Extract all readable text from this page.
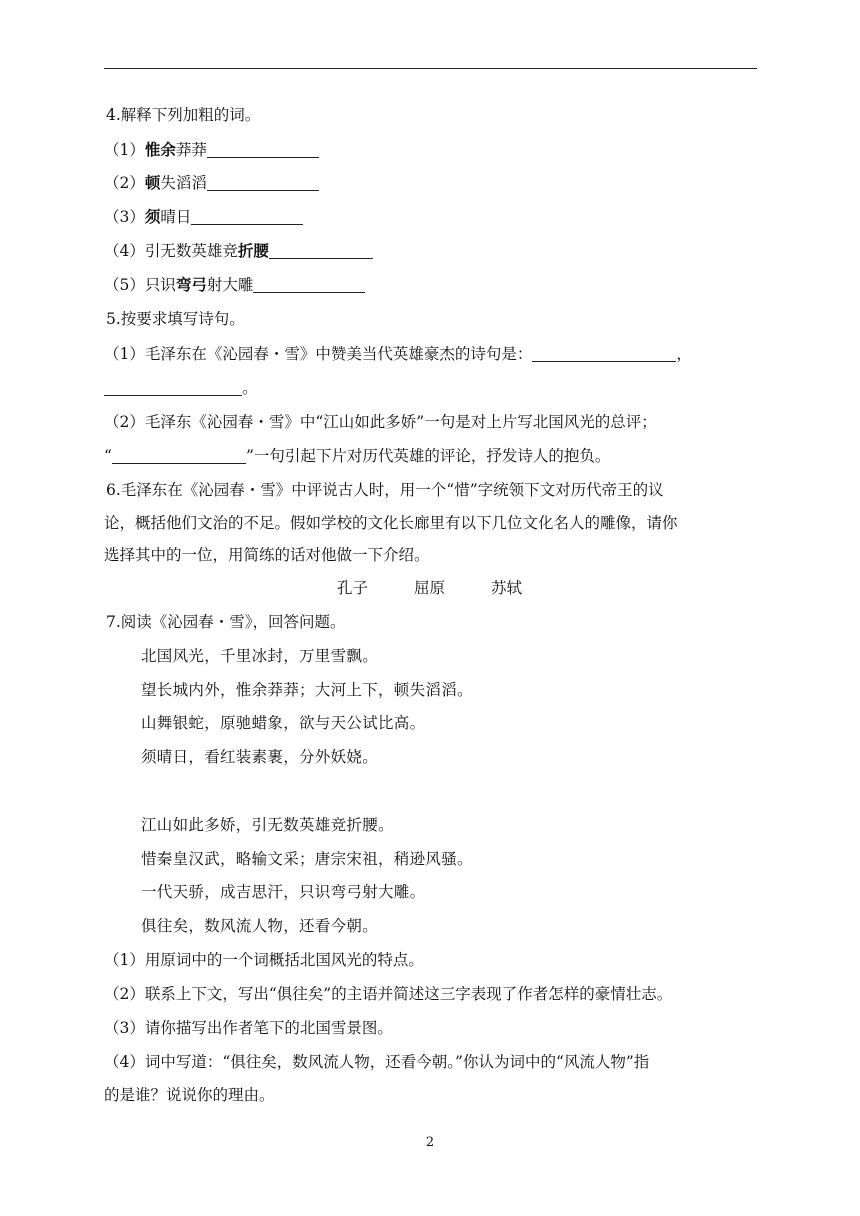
4.解释下列加粗的词。
（1）惟余莽莽
（2）顿失滔滔
（3）须晴日
（4）引无数英雄竞折腰
（5）只识弯弓射大雕
5.按要求填写诗句。
（1）毛泽东在《沁园春・雪》中赞美当代英雄豪杰的诗句是：	，
。
（2）毛泽东《沁园春・雪》中“江山如此多娇”一句是对上片写北国风光的总评；
“	”一句引起下片对历代英雄的评论，抒发诗人的抱负。
6.毛泽东在《沁园春・雪》中评说古人时，用一个“惜”字统领下文对历代帝王的议
论，概括他们文治的不足。假如学校的文化长廊里有以下几位文化名人的雕像，请你
选择其中的一位，用简练的话对他做一下介绍。
孔子	屈原	苏轼
7.阅读《沁园春・雪》，回答问题。
北国风光，千里冰封，万里雪飘。
望长城内外，惟余莽莽；大河上下，顿失滔滔。
山舞银蛇，原驰蜡象，欲与天公试比高。
须晴日，看红装素裹，分外妖娆。
江山如此多娇，引无数英雄竞折腰。
惜秦皇汉武，略输文采；唐宗宋祖，稍逊风骚。
一代天骄，成吉思汗，只识弯弓射大雕。
俱往矣，数风流人物，还看今朝。
（1）用原词中的一个词概括北国风光的特点。
（2）联系上下文，写出“俱往矣”的主语并简述这三字表现了作者怎样的豪情壮志。
（3）请你描写出作者笔下的北国雪景图。
（4）词中写道：“俱往矣，数风流人物，还看今朝。”你认为词中的“风流人物”指
的是谁？说说你的理由。
2
